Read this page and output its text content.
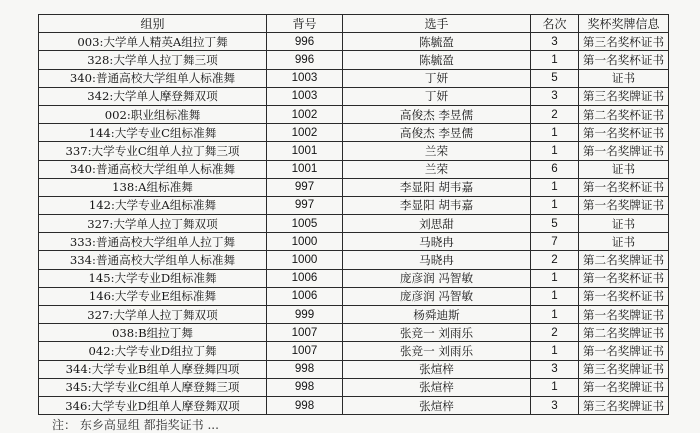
组别	背号	选手	名次	奖杯奖牌信息
003:大学单人精英A组拉丁舞	996	陈毓盈	3	第三名奖杯证书
328:大学单人拉丁舞三项	996	陈毓盈	1	第一名奖杯证书
340:普通高校大学组单人标准舞	1003	丁妍	5	证书
342:大学单人摩登舞双项	1003	丁妍	3	第三名奖牌证书
002:职业组标准舞	1002	高俊杰 李昱儒	2	第二名奖杯证书
144:大学专业C组标准舞	1002	高俊杰 李昱儒	1	第一名奖杯证书
337:大学专业C组单人拉丁舞三项	1001	兰荣	1	第一名奖牌证书
340:普通高校大学组单人标准舞	1001	兰荣	6	证书
138:A组标准舞	997	李显阳 胡韦嘉	1	第一名奖杯证书
142:大学专业A组标准舞	997	李显阳 胡韦嘉	1	第一名奖牌证书
327:大学单人拉丁舞双项	1005	刘思甜	5	证书
333:普通高校大学组单人拉丁舞	1000	马晓冉	7	证书
334:普通高校大学组单人标准舞	1000	马晓冉	2	第二名奖牌证书
145:大学专业D组标准舞	1006	庞彦润 冯智敏	1	第一名奖杯证书
146:大学专业E组标准舞	1006	庞彦润 冯智敏	1	第一名奖杯证书
327:大学单人拉丁舞双项	999	杨舜迪斯	1	第一名奖牌证书
038:B组拉丁舞	1007	张竞一 刘雨乐	2	第二名奖牌证书
042:大学专业D组拉丁舞	1007	张竞一 刘雨乐	1	第一名奖牌证书
344:大学专业B组单人摩登舞四项	998	张煊梓	3	第三名奖牌证书
345:大学专业C组单人摩登舞三项	998	张煊梓	1	第一名奖牌证书
346:大学专业D组单人摩登舞双项	998	张煊梓	3	第三名奖牌证书
注： 东乡高显组 都指奖证书 ...
